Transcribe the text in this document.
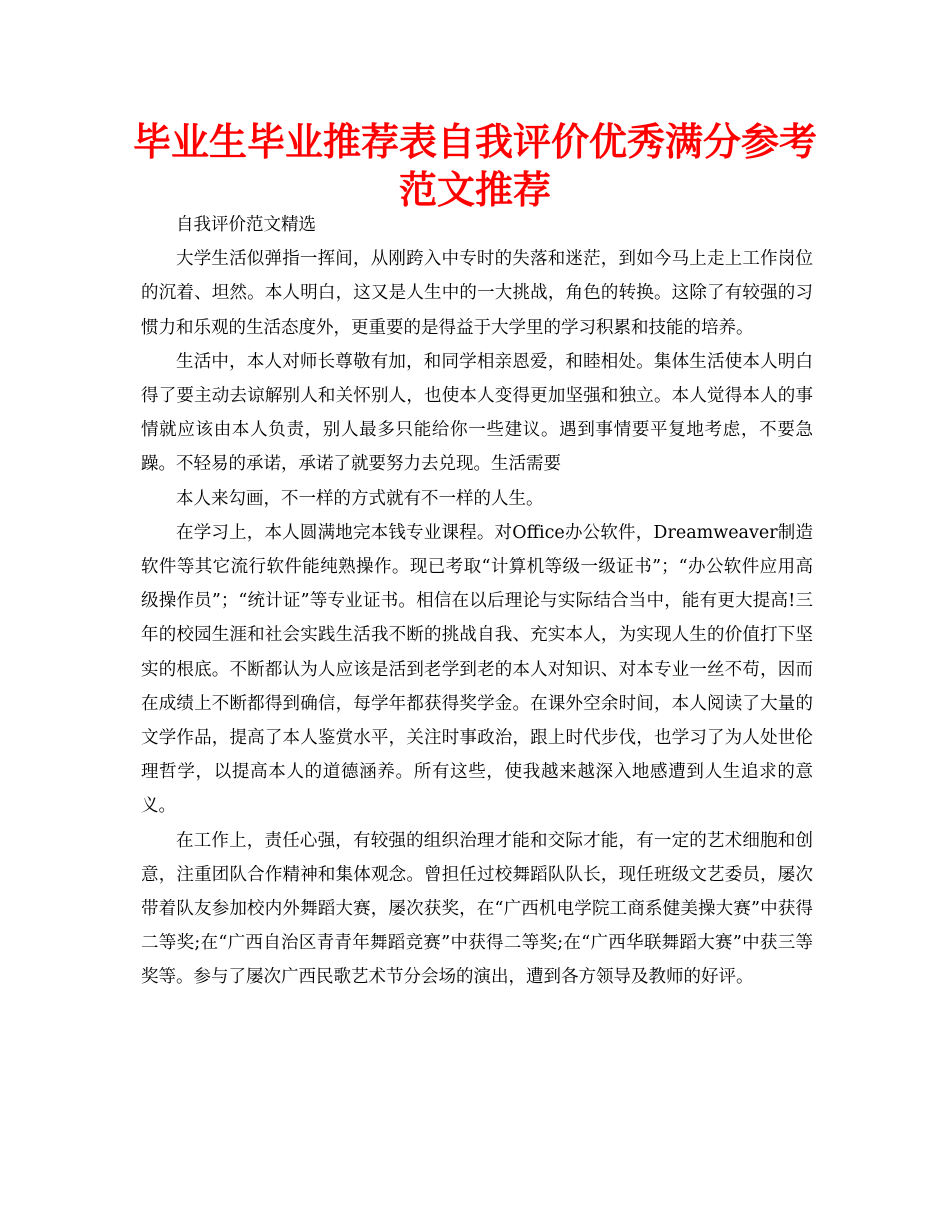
毕业生毕业推荐表自我评价优秀满分参考范文推荐

自我评价范文精选

大学生活似弹指一挥间，从刚跨入中专时的失落和迷茫，到如今马上走上工作岗位的沉着、坦然。本人明白，这又是人生中的一大挑战，角色的转换。这除了有较强的习惯力和乐观的生活态度外，更重要的是得益于大学里的学习积累和技能的培养。

生活中，本人对师长尊敬有加，和同学相亲恩爱，和睦相处。集体生活使本人明白得了要主动去谅解别人和关怀别人，也使本人变得更加坚强和独立。本人觉得本人的事情就应该由本人负责，别人最多只能给你一些建议。遇到事情要平复地考虑，不要急躁。不轻易的承诺，承诺了就要努力去兑现。生活需要

本人来勾画，不一样的方式就有不一样的人生。

在学习上，本人圆满地完本钱专业课程。对Office办公软件，Dreamweaver制造软件等其它流行软件能纯熟操作。现已考取“计算机等级一级证书”；“办公软件应用高级操作员”；“统计证”等专业证书。相信在以后理论与实际结合当中，能有更大提高!三年的校园生涯和社会实践生活我不断的挑战自我、充实本人，为实现人生的价值打下坚实的根底。不断都认为人应该是活到老学到老的本人对知识、对本专业一丝不苟，因而在成绩上不断都得到确信，每学年都获得奖学金。在课外空余时间，本人阅读了大量的文学作品，提高了本人鉴赏水平，关注时事政治，跟上时代步伐，也学习了为人处世伦理哲学，以提高本人的道德涵养。所有这些，使我越来越深入地感遭到人生追求的意义。

在工作上，责任心强，有较强的组织治理才能和交际才能，有一定的艺术细胞和创意，注重团队合作精神和集体观念。曾担任过校舞蹈队队长，现任班级文艺委员，屡次带着队友参加校内外舞蹈大赛，屡次获奖，在“广西机电学院工商系健美操大赛”中获得二等奖;在“广西自治区青青年舞蹈竞赛”中获得二等奖;在“广西华联舞蹈大赛”中获三等奖等。参与了屡次广西民歌艺术节分会场的演出，遭到各方领导及教师的好评。
